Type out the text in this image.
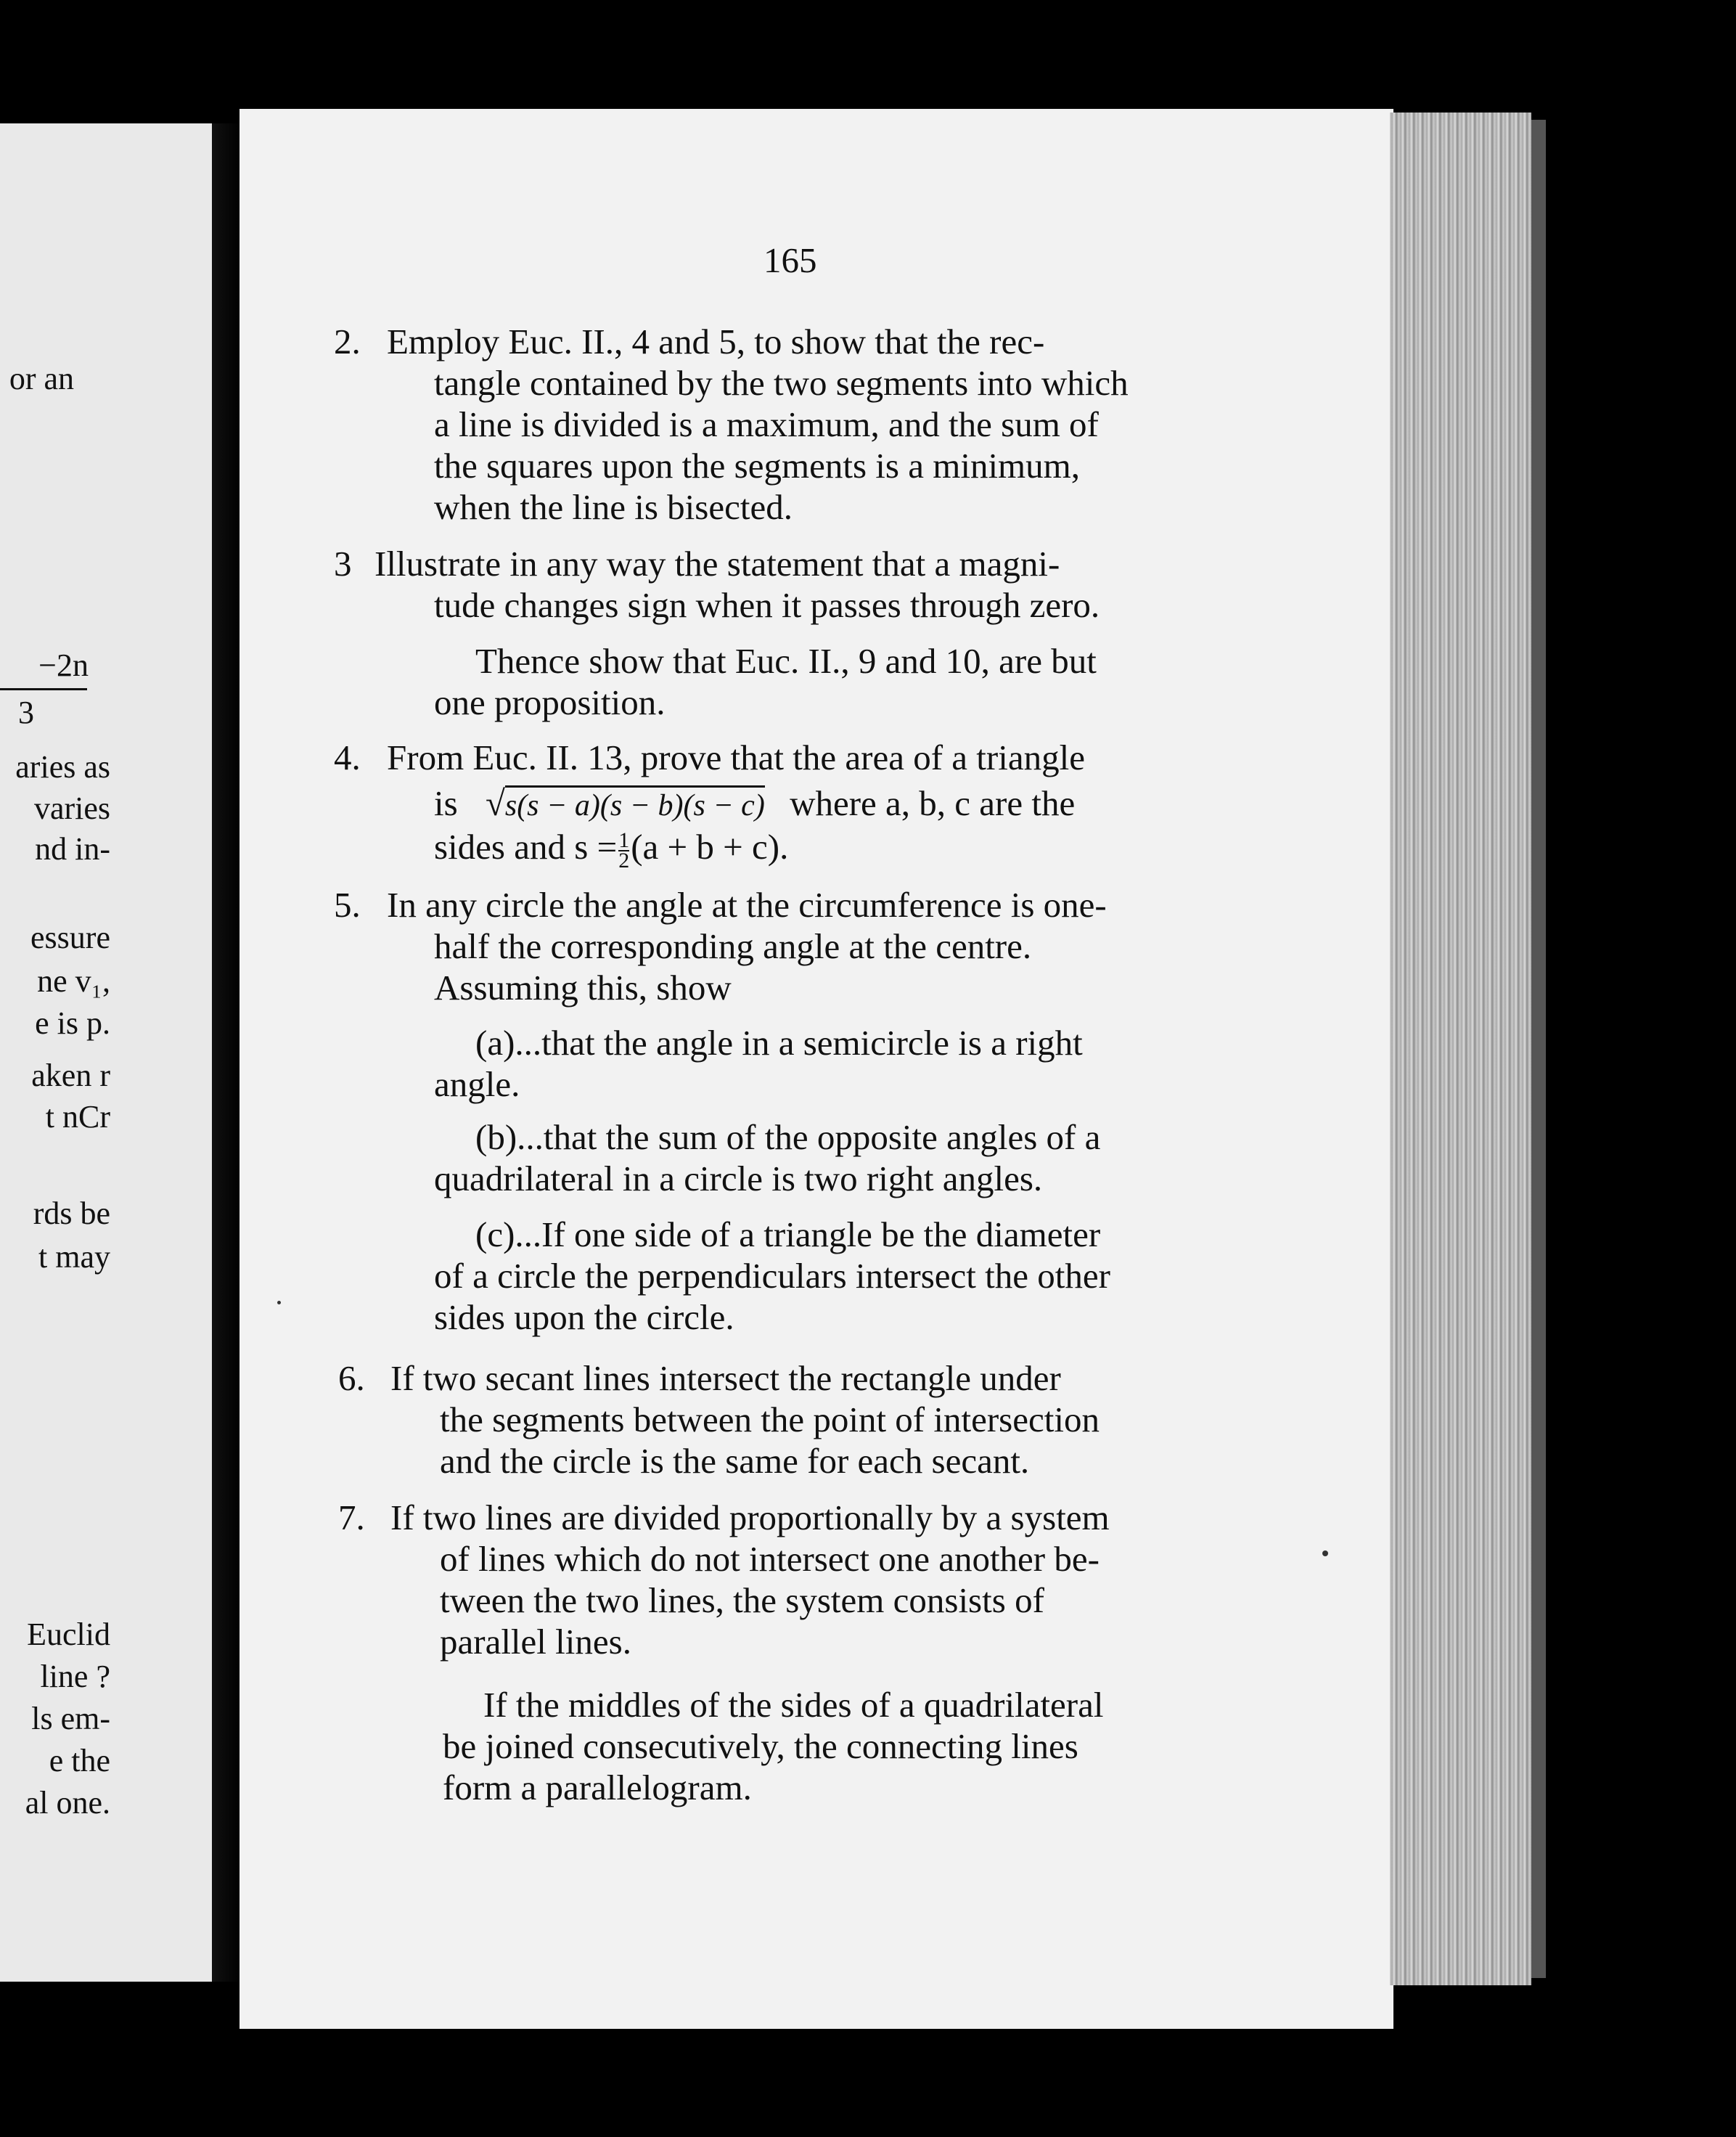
or an
−2n
3
aries as
varies
nd in-
essure
ne v₁,
e is p.
aken r
t nCr
rds be
t may
Euclid
line ?
ls em-
e the
al one.
165
2. Employ Euc. II., 4 and 5, to show that the rec-
tangle contained by the two segments into which
a line is divided is a maximum, and the sum of
the squares upon the segments is a minimum,
when the line is bisected.
3 Illustrate in any way the statement that a magni-
tude changes sign when it passes through zero.
Thence show that Euc. II., 9 and 10, are but
one proposition.
4. From Euc. II. 13, prove that the area of a triangle
is √s(s − a)(s − b)(s − c) where a, b, c are the
sides and $s = \frac{1}{2} (a + b + c)$.
5. In any circle the angle at the circumference is one-
half the corresponding angle at the centre.
Assuming this, show
(a)...that the angle in a semicircle is a right
angle.
(b)...that the sum of the opposite angles of a
quadrilateral in a circle is two right angles.
(c)...If one side of a triangle be the diameter
of a circle the perpendiculars intersect the other
sides upon the circle.
6. If two secant lines intersect the rectangle under
the segments between the point of intersection
and the circle is the same for each secant.
7. If two lines are divided proportionally by a system
of lines which do not intersect one another be-
tween the two lines, the system consists of
parallel lines.
If the middles of the sides of a quadrilateral
be joined consecutively, the connecting lines
form a parallelogram.
